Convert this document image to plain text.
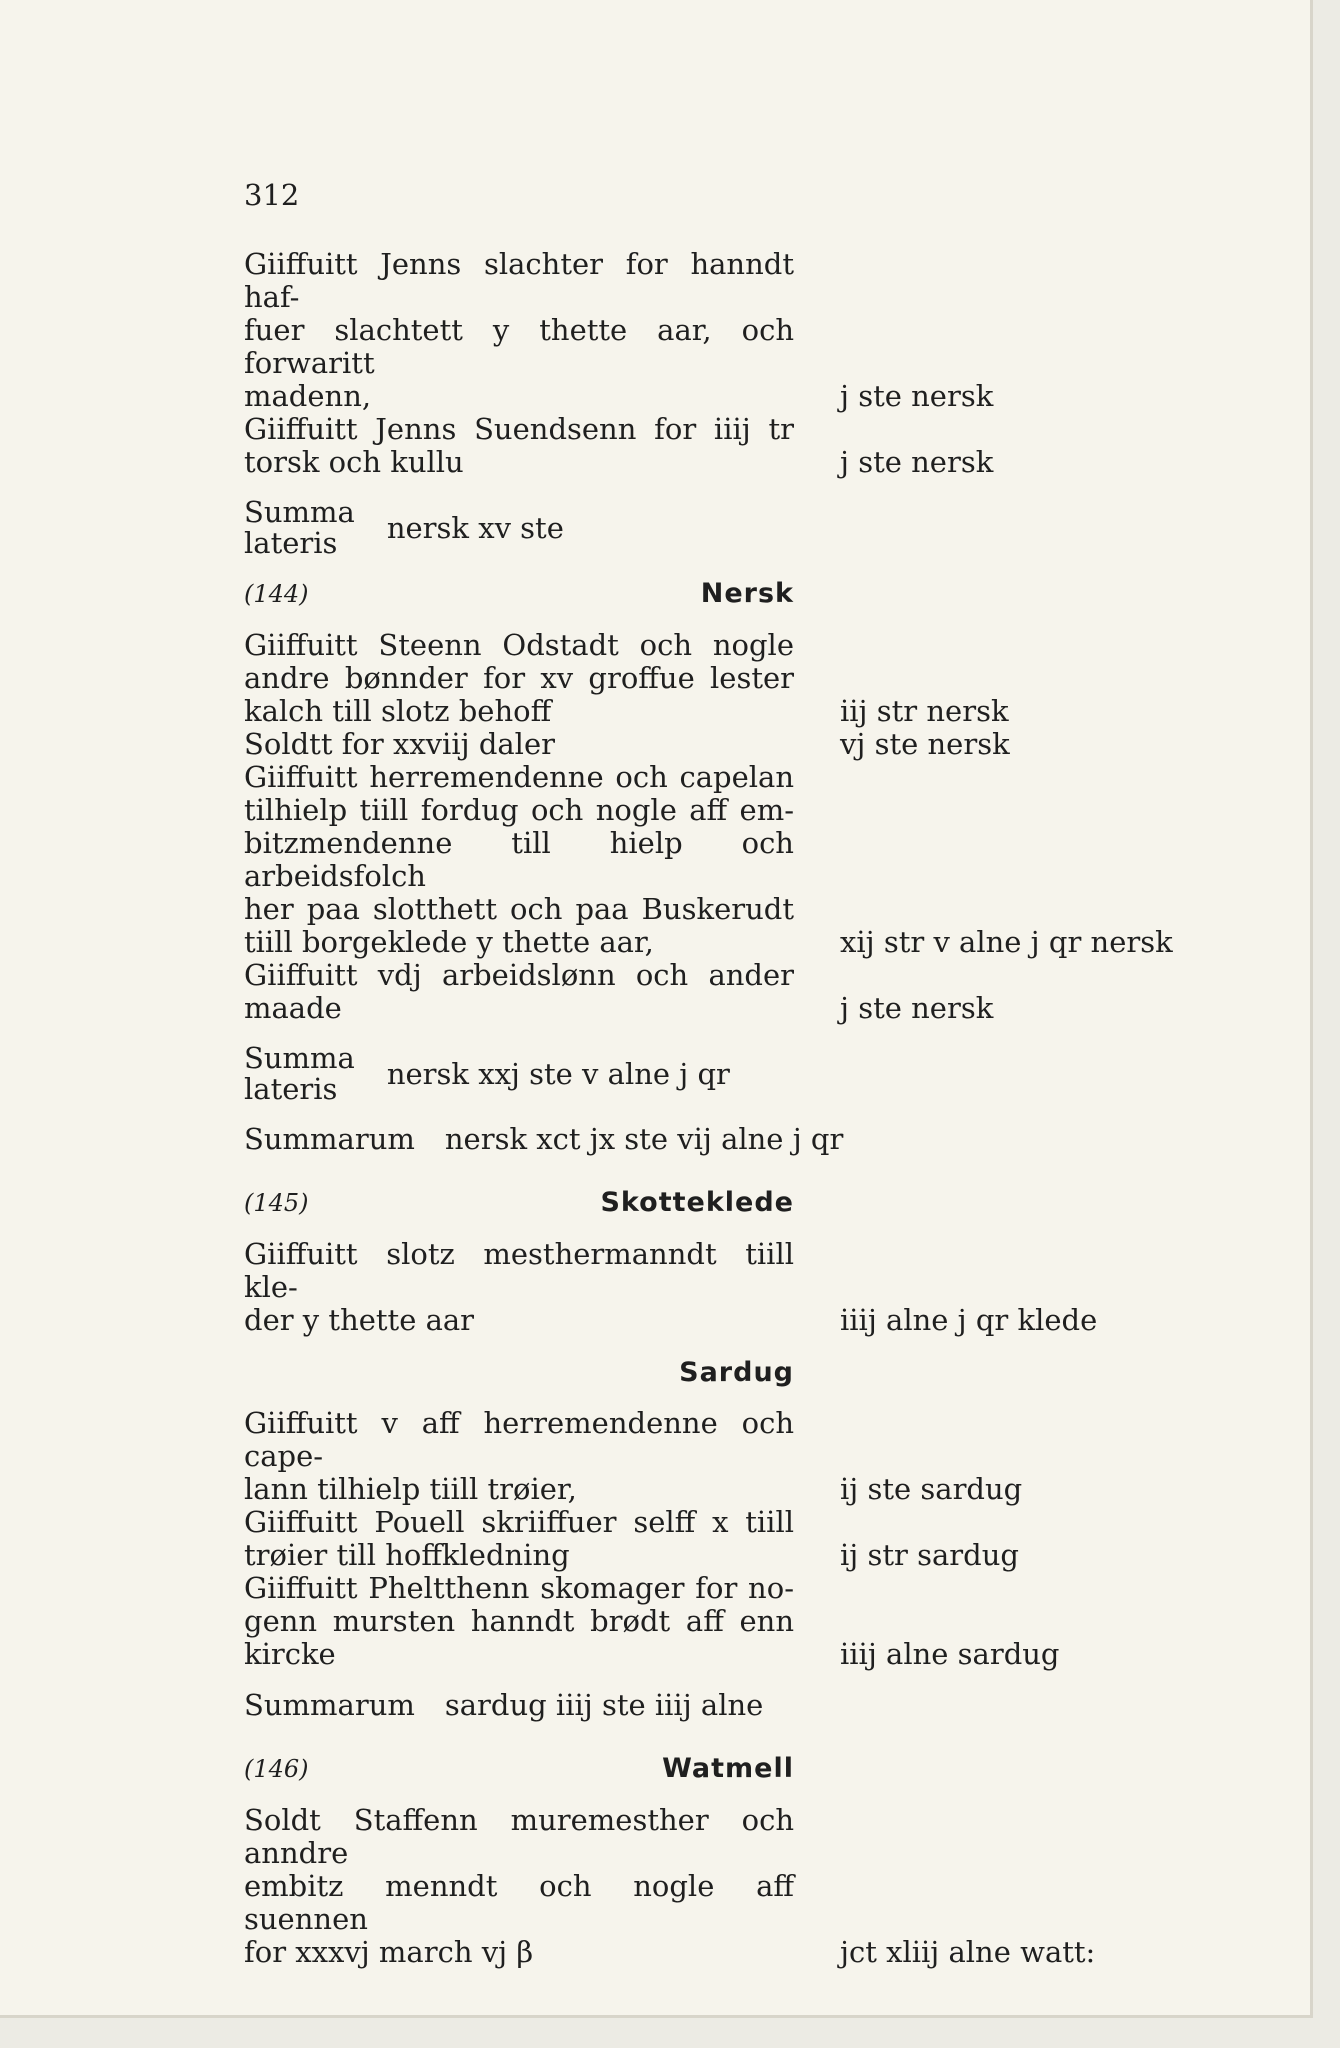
312
Giiffuitt Jenns slachter for hanndt haf-
fuer slachtett y thette aar, och forwaritt
madenn,	j ste nersk
Giiffuitt Jenns Suendsenn for iiij tr
torsk och kullu	j ste nersk
Summa
lateris	nersk xv ste
(144)	Nersk
Giiffuitt Steenn Odstadt och nogle
andre bønnder for xv groffue lester
kalch till slotz behoff	iij str nersk
Soldtt for xxviij daler	vj ste nersk
Giiffuitt herremendenne och capelan
tilhielp tiill fordug och nogle aff em-
bitzmendenne till hielp och arbeidsfolch
her paa slotthett och paa Buskerudt
tiill borgeklede y thette aar,	xij str v alne j qr nersk
Giiffuitt vdj arbeidslønn och ander
maade	j ste nersk
Summa
lateris	nersk xxj ste v alne j qr
Summarum nersk xct jx ste vij alne j qr
(145)	Skotteklede
Giiffuitt slotz mesthermanndt tiill kle-
der y thette aar	iiij alne j qr klede
Sardug
Giiffuitt v aff herremendenne och cape-
lann tilhielp tiill trøier,	ij ste sardug
Giiffuitt Pouell skriiffuer selff x tiill
trøier till hoffkledning	ij str sardug
Giiffuitt Pheltthenn skomager for no-
genn mursten hanndt brødt aff enn
kircke	iiij alne sardug
Summarum sardug iiij ste iiij alne
(146)	Watmell
Soldt Staffenn muremesther och anndre
embitz menndt och nogle aff suennen
for xxxvj march vj β	jct xliij alne watt:
